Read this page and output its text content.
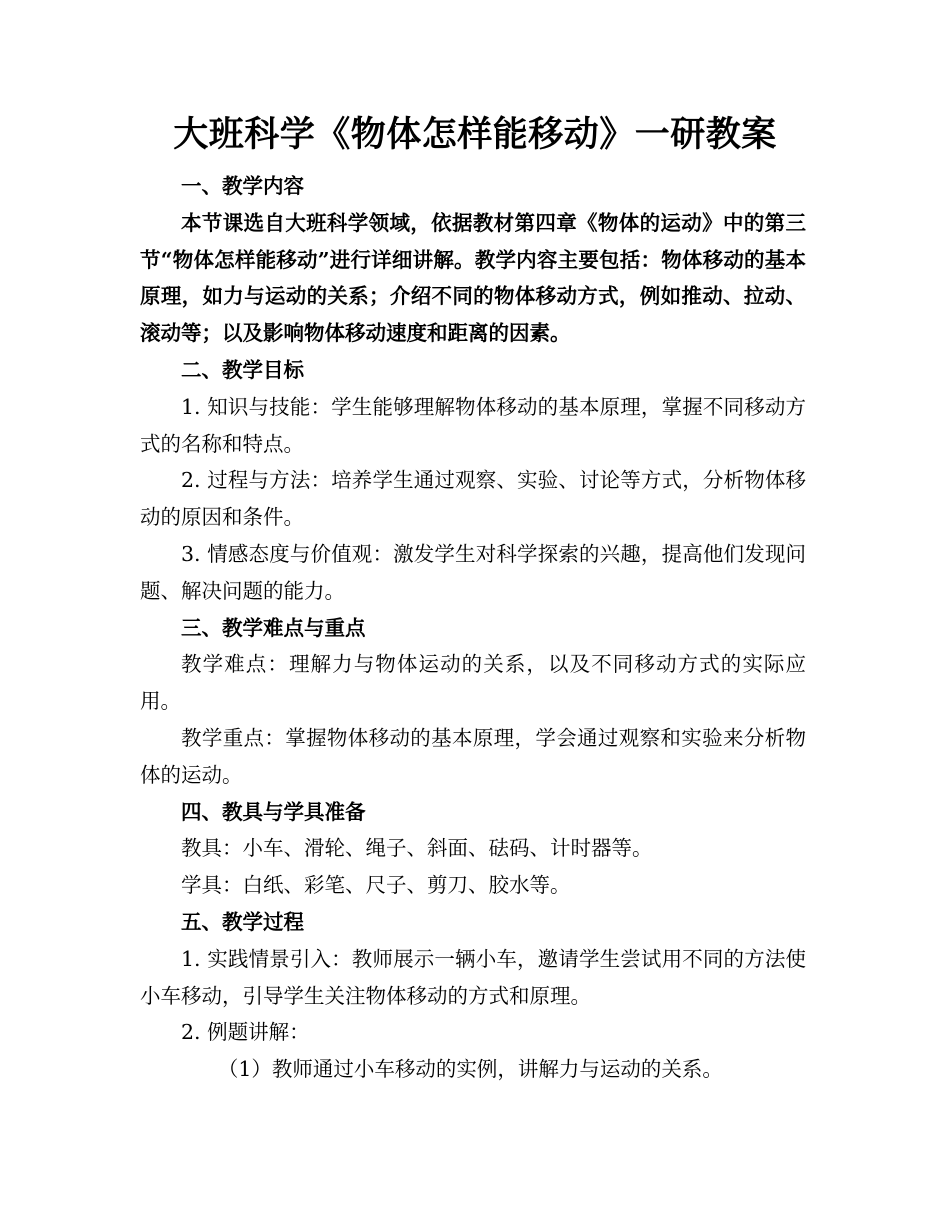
大班科学《物体怎样能移动》一研教案

一、教学内容

本节课选自大班科学领域，依据教材第四章《物体的运动》中的第三节“物体怎样能移动”进行详细讲解。教学内容主要包括：物体移动的基本原理，如力与运动的关系；介绍不同的物体移动方式，例如推动、拉动、滚动等；以及影响物体移动速度和距离的因素。

二、教学目标

1. 知识与技能：学生能够理解物体移动的基本原理，掌握不同移动方式的名称和特点。

2. 过程与方法：培养学生通过观察、实验、讨论等方式，分析物体移动的原因和条件。

3. 情感态度与价值观：激发学生对科学探索的兴趣，提高他们发现问题、解决问题的能力。

三、教学难点与重点

教学难点：理解力与物体运动的关系，以及不同移动方式的实际应用。

教学重点：掌握物体移动的基本原理，学会通过观察和实验来分析物体的运动。

四、教具与学具准备

教具：小车、滑轮、绳子、斜面、砝码、计时器等。

学具：白纸、彩笔、尺子、剪刀、胶水等。

五、教学过程

1. 实践情景引入：教师展示一辆小车，邀请学生尝试用不同的方法使小车移动，引导学生关注物体移动的方式和原理。

2. 例题讲解：

（1）教师通过小车移动的实例，讲解力与运动的关系。
